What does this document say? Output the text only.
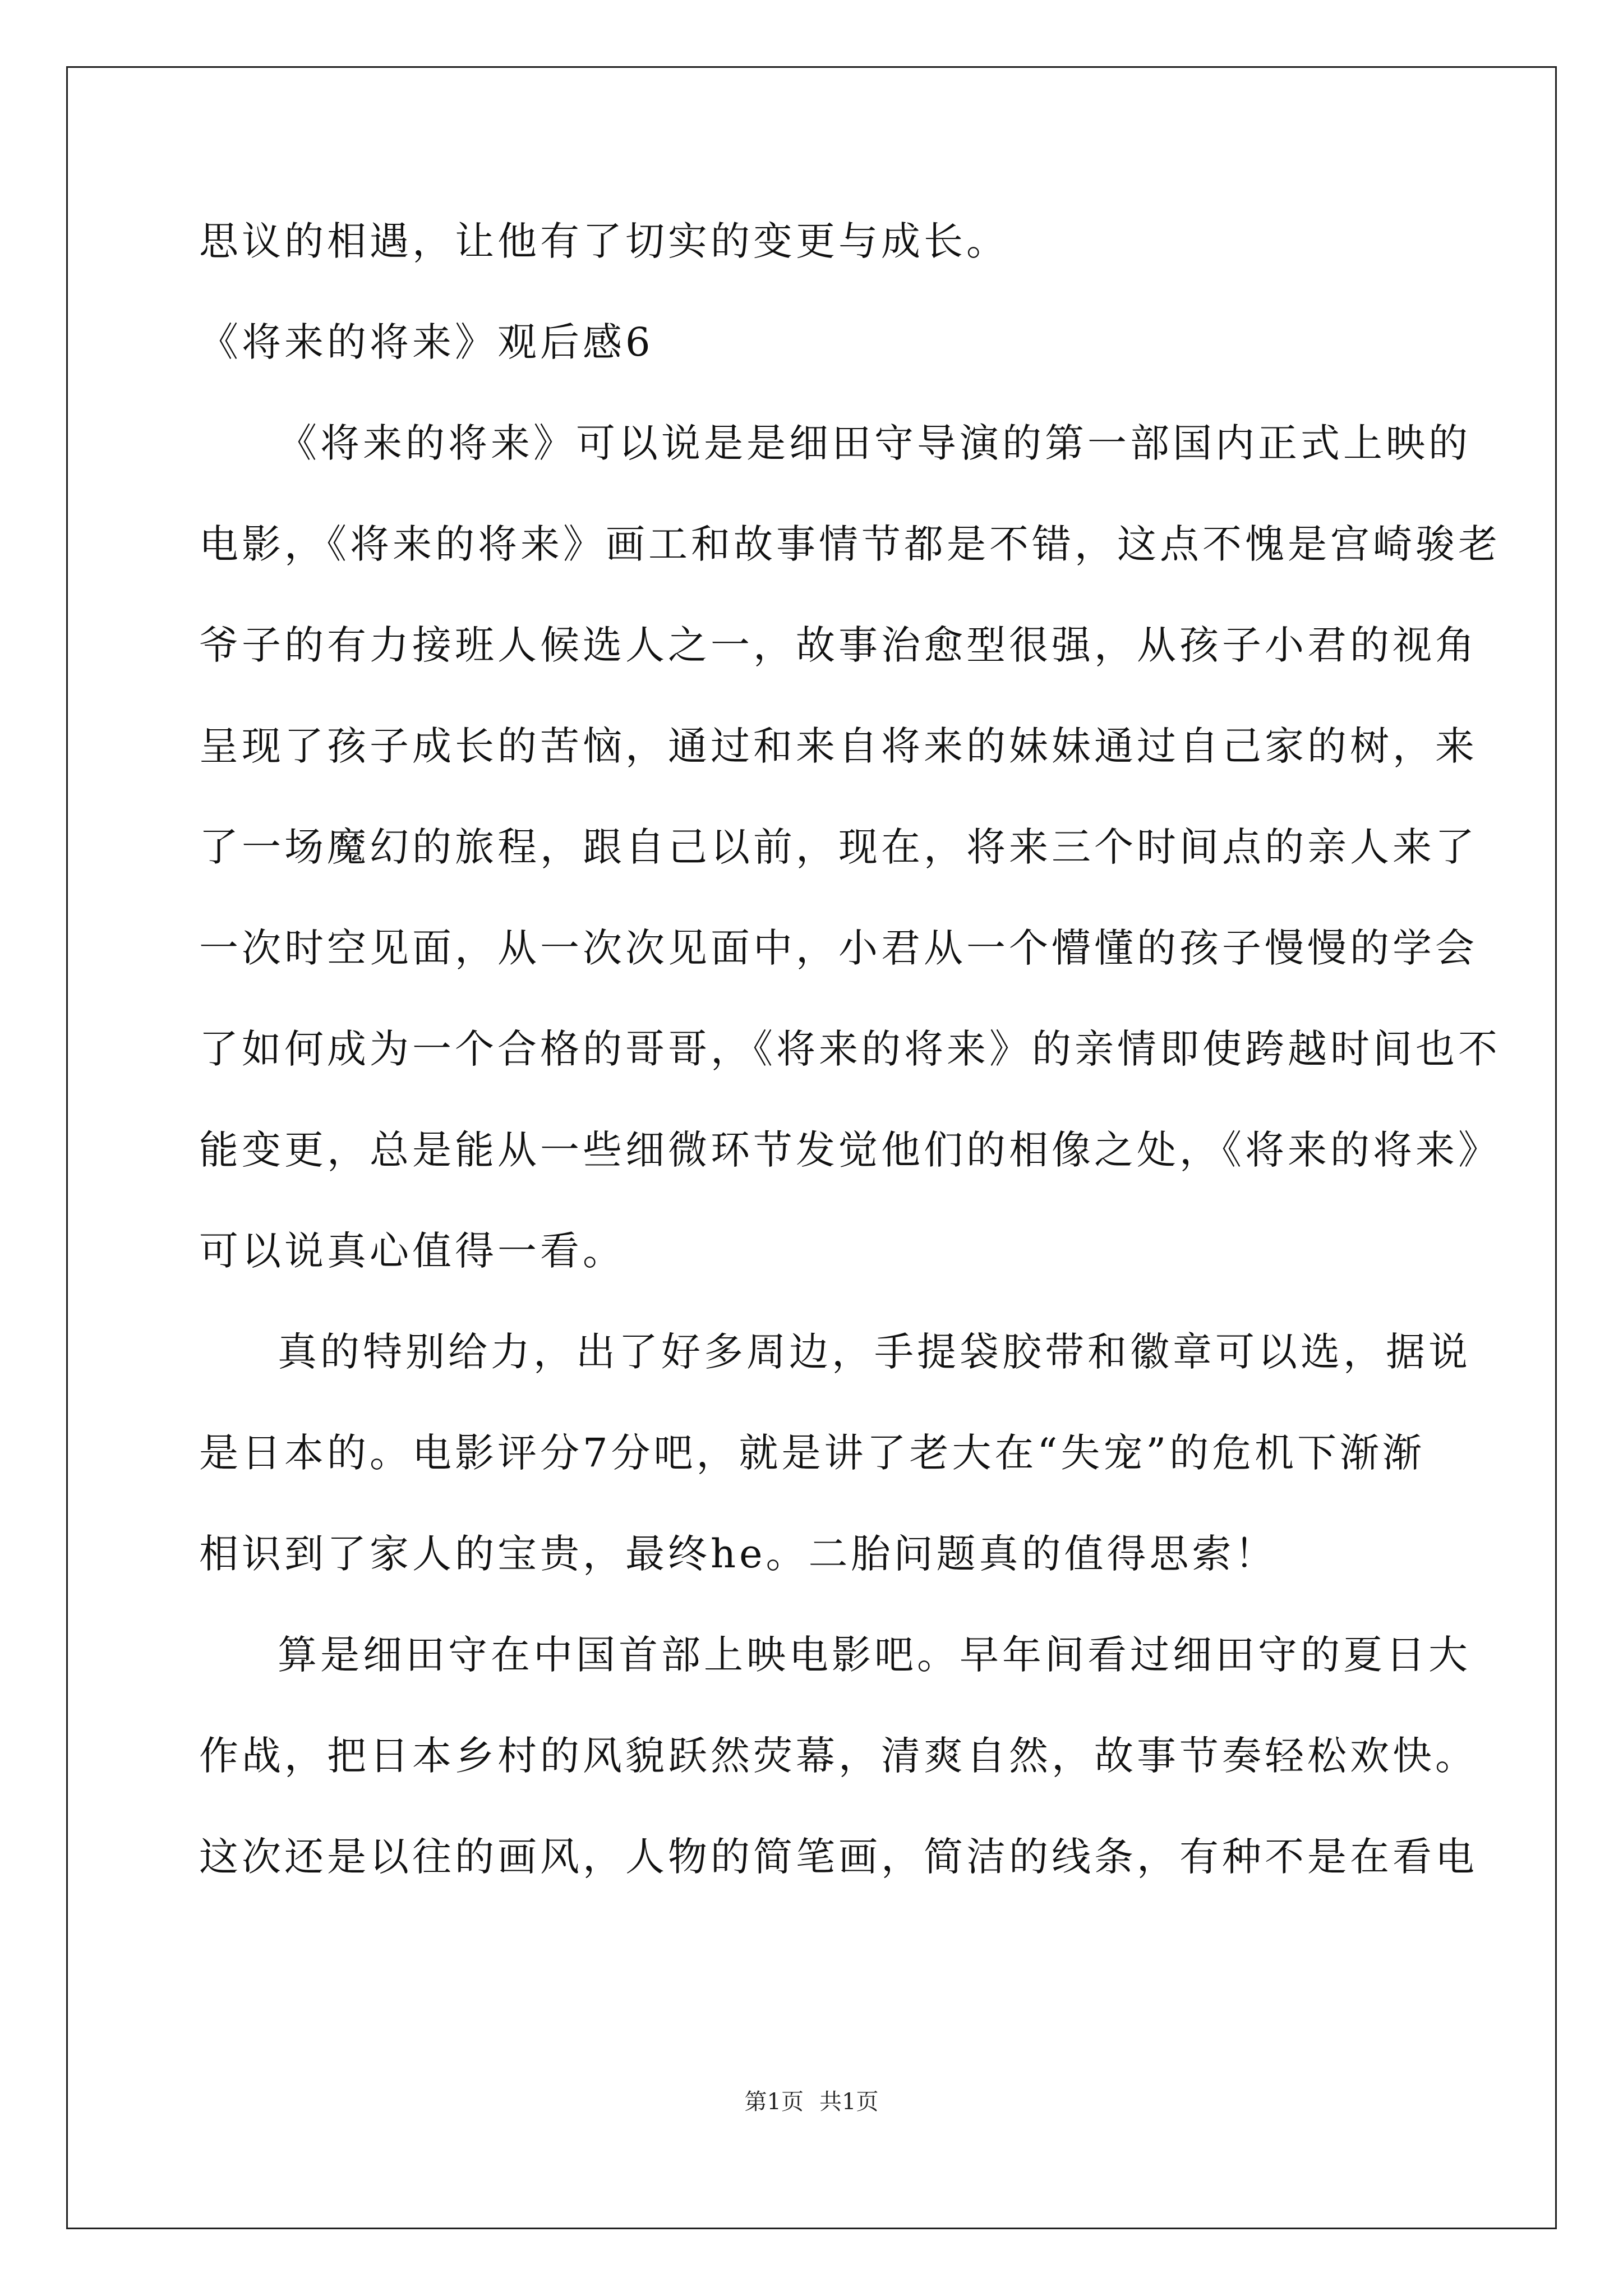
思议的相遇，让他有了切实的变更与成长。
《将来的将来》观后感6
《将来的将来》可以说是是细田守导演的第一部国内正式上映的
电影，《将来的将来》画工和故事情节都是不错，这点不愧是宫崎骏老
爷子的有力接班人候选人之一，故事治愈型很强，从孩子小君的视角
呈现了孩子成长的苦恼，通过和来自将来的妹妹通过自己家的树，来
了一场魔幻的旅程，跟自己以前，现在，将来三个时间点的亲人来了
一次时空见面，从一次次见面中，小君从一个懵懂的孩子慢慢的学会
了如何成为一个合格的哥哥，《将来的将来》的亲情即使跨越时间也不
能变更，总是能从一些细微环节发觉他们的相像之处，《将来的将来》
可以说真心值得一看。
真的特别给力，出了好多周边，手提袋胶带和徽章可以选，据说
是日本的。电影评分7分吧，就是讲了老大在“失宠”的危机下渐渐
相识到了家人的宝贵，最终he。二胎问题真的值得思索！
算是细田守在中国首部上映电影吧。早年间看过细田守的夏日大
作战，把日本乡村的风貌跃然荧幕，清爽自然，故事节奏轻松欢快。
这次还是以往的画风，人物的简笔画，简洁的线条，有种不是在看电
第1页 共1页
